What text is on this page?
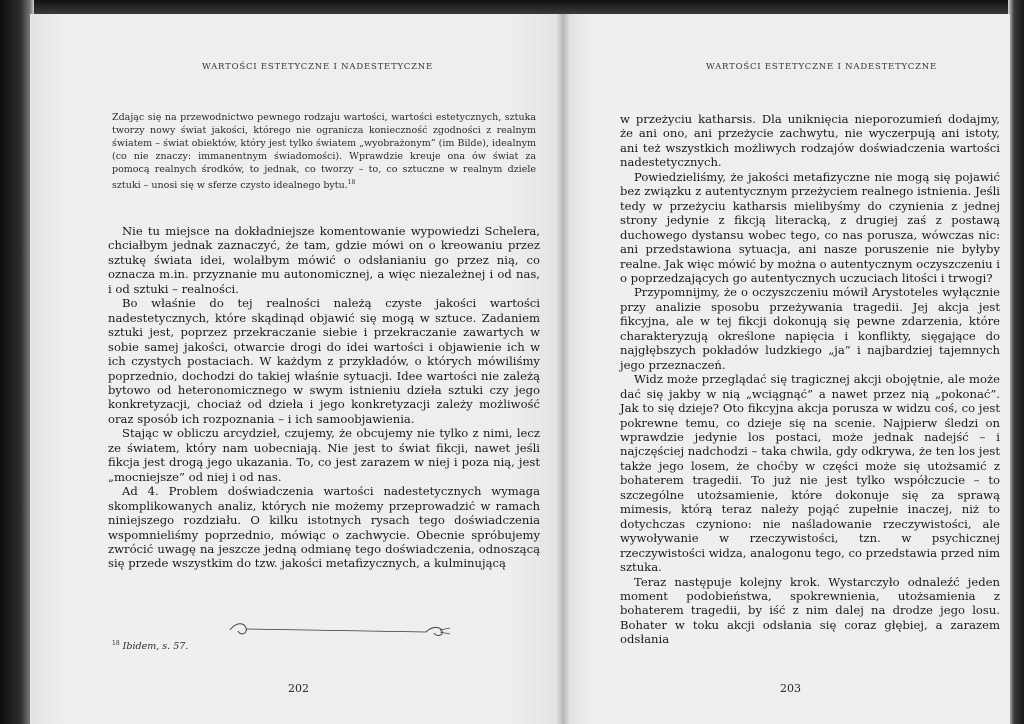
WARTOŚCI ESTETYCZNE I NADESTETYCZNE
Zdając się na przewodnictwo pewnego rodzaju wartości, wartości estetycznych, sztuka tworzy nowy świat jakości, którego nie ogranicza konieczność zgodności z realnym światem – świat obiektów, który jest tylko światem „wyobrażonym” (im Bilde), idealnym (co nie znaczy: immanentnym świadomości). Wprawdzie kreuje ona ów świat za pomocą realnych środków, to jednak, co tworzy – to, co sztuczne w realnym dziele sztuki – unosi się w sferze czysto idealnego bytu.$^{18}$

Nie tu miejsce na dokładniejsze komentowanie wypowiedzi Schelera, chciałbym jednak zaznaczyć, że tam, gdzie mówi on o kreowaniu przez sztukę świata idei, wolałbym mówić o odsłanianiu go przez nią, co oznacza m.in. przyznanie mu autonomicznej, a więc niezależnej i od nas, i od sztuki – realności.

Bo właśnie do tej realności należą czyste jakości wartości nadestetycznych, które skądinąd objawić się mogą w sztuce. Zadaniem sztuki jest, poprzez przekraczanie siebie i przekraczanie zawartych w sobie samej jakości, otwarcie drogi do idei wartości i objawienie ich w ich czystych postaciach. W każdym z przykładów, o których mówiliśmy poprzednio, dochodzi do takiej właśnie sytuacji. Idee wartości nie zależą bytowo od heteronomicznego w swym istnieniu dzieła sztuki czy jego konkretyzacji, chociaż od dzieła i jego konkretyzacji zależy możliwość oraz sposób ich rozpoznania – i ich samoobjawienia.

Stając w obliczu arcydzieł, czujemy, że obcujemy nie tylko z nimi, lecz ze światem, który nam uobecniają. Nie jest to świat fikcji, nawet jeśli fikcja jest drogą jego ukazania. To, co jest zarazem w niej i poza nią, jest „mocniejsze” od niej i od nas.

Ad 4. Problem doświadczenia wartości nadestetycznych wymaga skomplikowanych analiz, których nie możemy przeprowadzić w ramach niniejszego rozdziału. O kilku istotnych rysach tego doświadczenia wspomnieliśmy poprzednio, mówiąc o zachwycie. Obecnie spróbujemy zwrócić uwagę na jeszcze jedną odmianę tego doświadczenia, odnoszącą się przede wszystkim do tzw. jakości metafizycznych, a kulminującą

$^{18}$ Ibidem, s. 57.
202
WARTOŚCI ESTETYCZNE I NADESTETYCZNE

w przeżyciu katharsis. Dla uniknięcia nieporozumień dodajmy, że ani ono, ani przeżycie zachwytu, nie wyczerpują ani istoty, ani też wszystkich możliwych rodzajów doświadczenia wartości nadestetycznych.

Powiedzieliśmy, że jakości metafizyczne nie mogą się pojawić bez związku z autentycznym przeżyciem realnego istnienia. Jeśli tedy w przeżyciu katharsis mielibyśmy do czynienia z jednej strony jedynie z fikcją literacką, z drugiej zaś z postawą duchowego dystansu wobec tego, co nas porusza, wówczas nic: ani przedstawiona sytuacja, ani nasze poruszenie nie byłyby realne. Jak więc mówić by można o autentycznym oczyszczeniu i o poprzedzających go autentycznych uczuciach litości i trwogi?

Przypomnijmy, że o oczyszczeniu mówił Arystoteles wyłącznie przy analizie sposobu przeżywania tragedii. Jej akcja jest fikcyjna, ale w tej fikcji dokonują się pewne zdarzenia, które charakteryzują określone napięcia i konflikty, sięgające do najgłębszych pokładów ludzkiego „ja” i najbardziej tajemnych jego przeznaczeń.

Widz może przeglądać się tragicznej akcji obojętnie, ale może dać się jakby w nią „wciągnąć” a nawet przez nią „pokonać”. Jak to się dzieje? Oto fikcyjna akcja porusza w widzu coś, co jest pokrewne temu, co dzieje się na scenie. Najpierw śledzi on wprawdzie jedynie los postaci, może jednak nadejść – i najczęściej nadchodzi – taka chwila, gdy odkrywa, że ten los jest także jego losem, że choćby w części może się utożsamić z bohaterem tragedii. To już nie jest tylko współczucie – to szczególne utożsamienie, które dokonuje się za sprawą mimesis, którą teraz należy pojąć zupełnie inaczej, niż to dotychczas czyniono: nie naśladowanie rzeczywistości, ale wywoływanie w rzeczywistości, tzn. w psychicznej rzeczywistości widza, analogonu tego, co przedstawia przed nim sztuka.

Teraz następuje kolejny krok. Wystarczyło odnaleźć jeden moment podobieństwa, spokrewnienia, utożsamienia z bohaterem tragedii, by iść z nim dalej na drodze jego losu. Bohater w toku akcji odsłania się coraz głębiej, a zarazem odsłania

203
